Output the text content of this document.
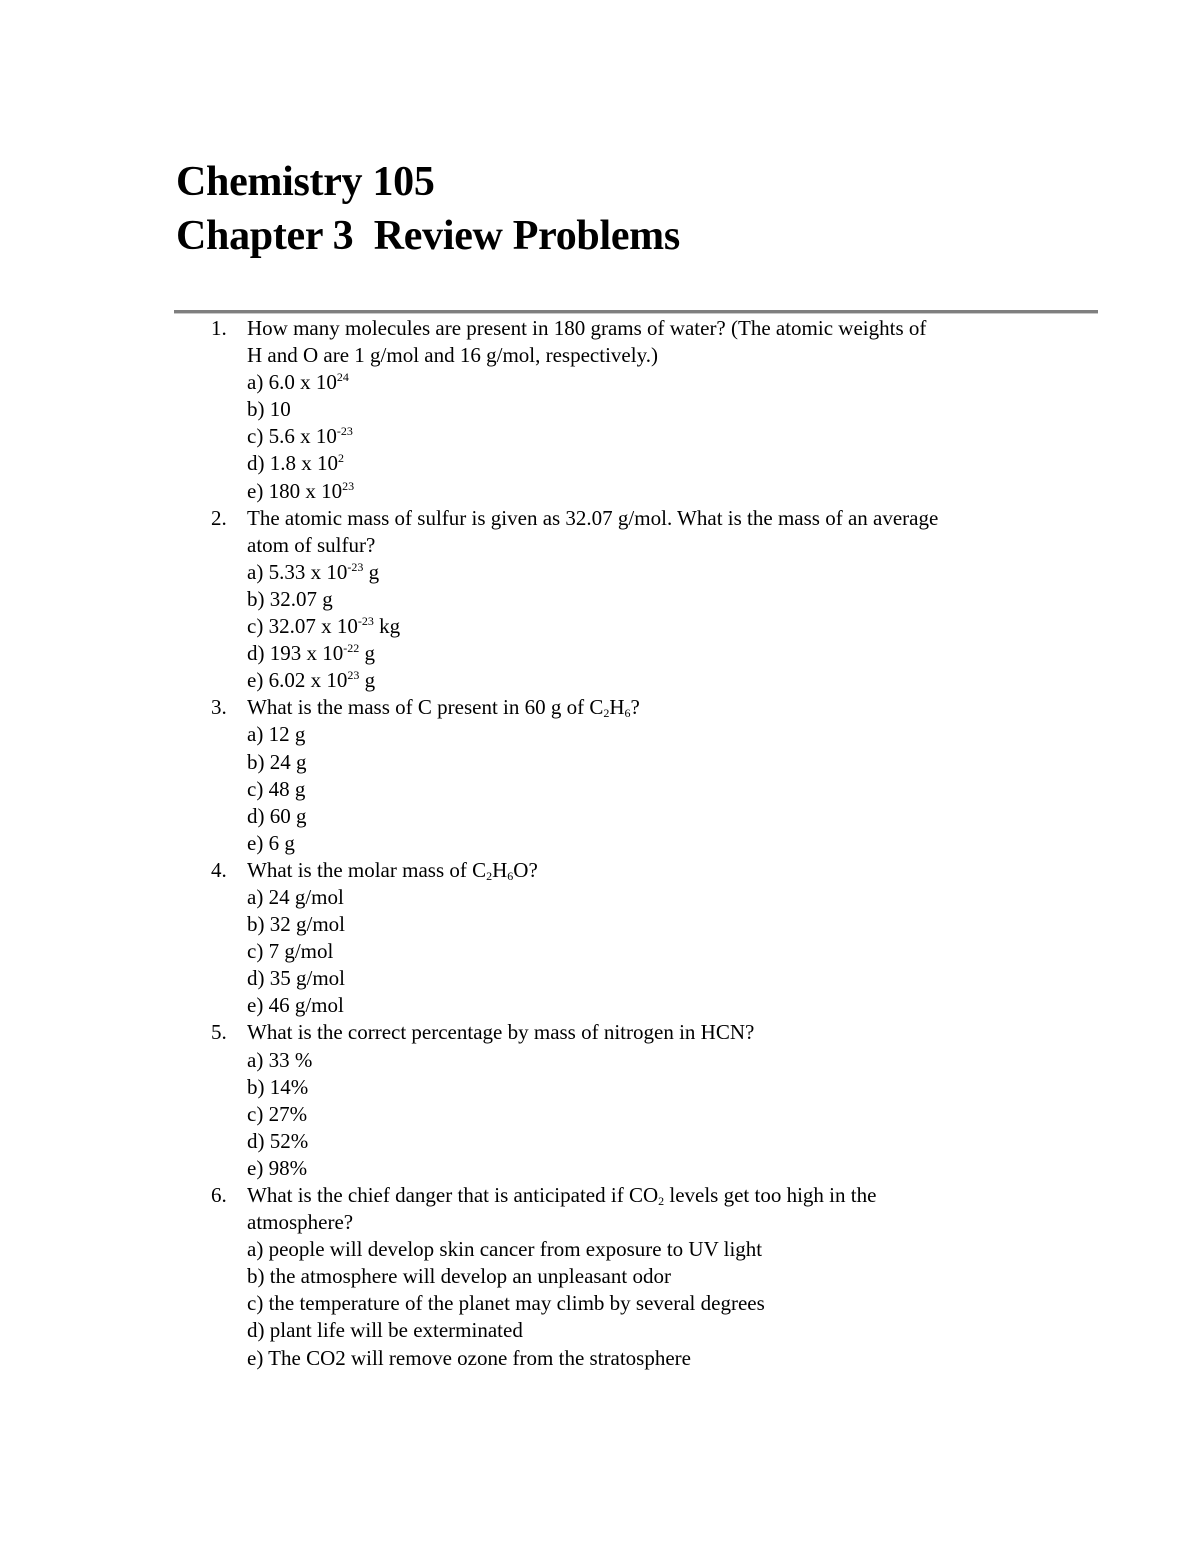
Chemistry 105
Chapter 3  Review Problems
1. How many molecules are present in 180 grams of water? (The atomic weights of
H and O are 1 g/mol and 16 g/mol, respectively.)
a) 6.0 x $10^{24}$
b) 10
c) 5.6 x $10^{-23}$
d) 1.8 x $10^2$
e) 180 x $10^{23}$
2. The atomic mass of sulfur is given as 32.07 g/mol. What is the mass of an average
atom of sulfur?
a) 5.33 x $10^{-23}$ g
b) 32.07 g
c) 32.07 x $10^{-23}$ kg
d) 193 x $10^{-22}$ g
e) 6.02 x $10^{23}$ g
3. What is the mass of C present in 60 g of $C_2H_6$?
a) 12 g
b) 24 g
c) 48 g
d) 60 g
e) 6 g
4. What is the molar mass of $C_2H_6O$?
a) 24 g/mol
b) 32 g/mol
c) 7 g/mol
d) 35 g/mol
e) 46 g/mol
5. What is the correct percentage by mass of nitrogen in HCN?
a) 33 %
b) 14%
c) 27%
d) 52%
e) 98%
6. What is the chief danger that is anticipated if $CO_2$ levels get too high in the
atmosphere?
a) people will develop skin cancer from exposure to UV light
b) the atmosphere will develop an unpleasant odor
c) the temperature of the planet may climb by several degrees
d) plant life will be exterminated
e) The CO2 will remove ozone from the stratosphere
